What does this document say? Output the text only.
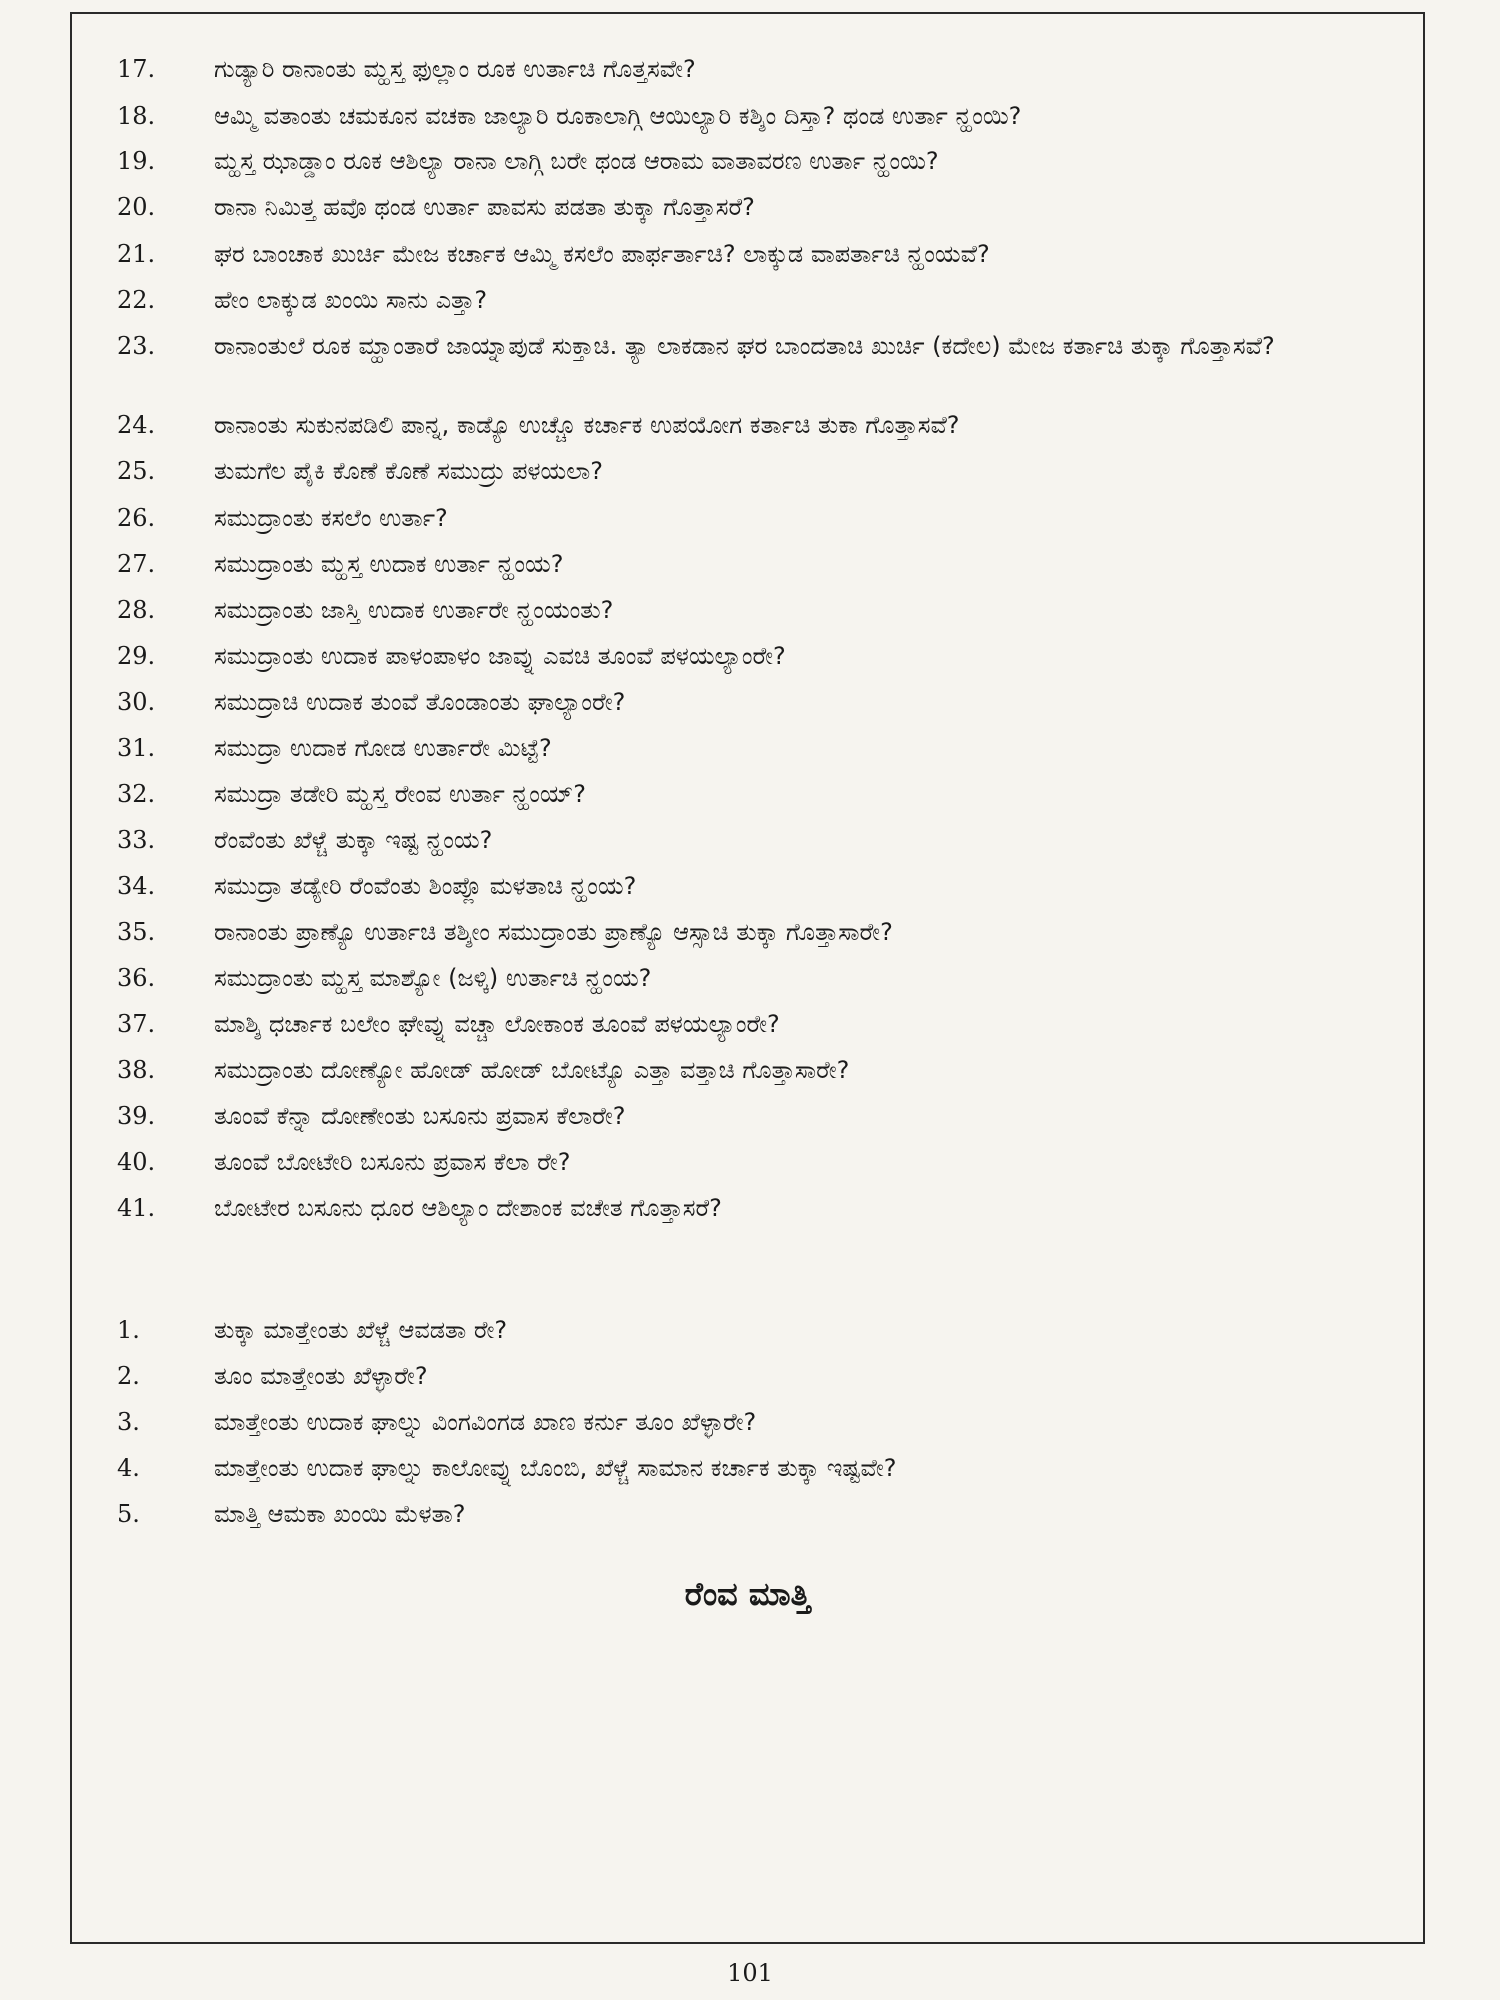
17.	ಗುಡ್ಯಾರಿ ರಾನಾಂತು ಮ್ಹಸ್ತ ಫುಲ್ಲಾಂ ರೂಕ ಉರ್ತಾಚಿ ಗೊತ್ತಸವೇ?
18.	ಆಮ್ಮಿ ವತಾಂತು ಚಮಕೂನ ವಚಕಾ ಜಾಲ್ಯಾರಿ ರೂಕಾಲಾಗ್ಗಿ ಆಯಿಲ್ಯಾರಿ ಕಶ್ಶಿಂ ದಿಸ್ತಾ? ಥಂಡ ಉರ್ತಾ ನ್ಹಂಯಿ?
19.	ಮ್ಹಸ್ತ ಝಾಡ್ಡಾಂ ರೂಕ ಆಶಿಲ್ಯಾ ರಾನಾ ಲಾಗ್ಗಿ ಬರೇ ಥಂಡ ಆರಾಮ ವಾತಾವರಣ ಉರ್ತಾ ನ್ಹಂಯಿ?
20.	ರಾನಾ ನಿಮಿತ್ತ ಹವೊ ಥಂಡ ಉರ್ತಾ ಪಾವಸು ಪಡತಾ ತುಕ್ಕಾ ಗೊತ್ತಾಸರೆ?
21.	ಘರ ಬಾಂಚಾಕ ಖುರ್ಚಿ ಮೇಜ ಕರ್ಚಾಕ ಆಮ್ಮಿ ಕಸಲೆಂ ಪಾರ್ಫರ್ತಾಚಿ? ಲಾಕ್ಕುಡ ವಾಪರ್ತಾಚಿ ನ್ಹಂಯವೆ?
22.	ಹೇಂ ಲಾಕ್ಕುಡ ಖಂಯಿ ಸಾನು ಎತ್ತಾ?
23.	ರಾನಾಂತುಲೆ ರೂಕ ಮ್ಹಾಂತಾರೆ ಜಾಯ್ನಾಪುಡೆ ಸುಕ್ತಾಚಿ. ತ್ಯಾ ಲಾಕಡಾನ ಘರ ಬಾಂದತಾಚಿ ಖುರ್ಚಿ (ಕದೇಲ) ಮೇಜ ಕರ್ತಾಚಿ ತುಕ್ಕಾ ಗೊತ್ತಾಸವೆ?
24.	ರಾನಾಂತು ಸುಕುನಪಡಿಲಿ ಪಾನ್ನ, ಕಾಡ್ಯೊ ಉಚ್ಚೊ ಕರ್ಚಾಕ ಉಪಯೋಗ ಕರ್ತಾಚಿ ತುಕಾ ಗೊತ್ತಾಸವೆ?
25.	ತುಮಗೆಲ ಪೈಕಿ ಕೊಣೆ ಕೊಣೆ ಸಮುದ್ರು ಪಳಯಲಾ?
26.	ಸಮುದ್ರಾಂತು ಕಸಲೆಂ ಉರ್ತಾ?
27.	ಸಮುದ್ರಾಂತು ಮ್ಹಸ್ತ ಉದಾಕ ಉರ್ತಾ ನ್ಹಂಯ?
28.	ಸಮುದ್ರಾಂತು ಜಾಸ್ತಿ ಉದಾಕ ಉರ್ತಾರೇ ನ್ಹಂಯಂತು?
29.	ಸಮುದ್ರಾಂತು ಉದಾಕ ಪಾಳಂಪಾಳಂ ಜಾವ್ನು ಎವಚಿ ತೂಂವೆ ಪಳಯಲ್ಯಾಂರೇ?
30.	ಸಮುದ್ರಾಚಿ ಉದಾಕ ತುಂವೆ ತೊಂಡಾಂತು ಘಾಲ್ಯಾಂರೇ?
31.	ಸಮುದ್ರಾ ಉದಾಕ ಗೋಡ ಉರ್ತಾರೇ ಮಿಟ್ಟೆ?
32.	ಸಮುದ್ರಾ ತಡೇರಿ ಮ್ಹಸ್ತ ರೇಂವ ಉರ್ತಾ ನ್ಹಂಯ್?
33.	ರೆಂವೆಂತು ಖೆಳ್ಚೆ ತುಕ್ಕಾ ಇಷ್ಟ ನ್ಹಂಯ?
34.	ಸಮುದ್ರಾ ತಡ್ಯೇರಿ ರೆಂವೆಂತು ಶಿಂಪ್ಲೊ ಮಳತಾಚಿ ನ್ಹಂಯ?
35.	ರಾನಾಂತು ಪ್ರಾಣ್ಯೊ ಉರ್ತಾಚಿ ತಶ್ಶೀಂ ಸಮುದ್ರಾಂತು ಪ್ರಾಣ್ಯೊ ಆಸ್ಸಾಚಿ ತುಕ್ಕಾ ಗೊತ್ತಾಸಾರೇ?
36.	ಸಮುದ್ರಾಂತು ಮ್ಹಸ್ತ ಮಾಶ್ಯೋ (ಜಳ್ಕಿ) ಉರ್ತಾಚಿ ನ್ಹಂಯ?
37.	ಮಾಶ್ಶಿ ಧರ್ಚಾಕ ಬಲೇಂ ಘೇವ್ನು ವಚ್ಚಾ ಲೋಕಾಂಕ ತೂಂವೆ ಪಳಯಲ್ಯಾಂರೇ?
38.	ಸಮುದ್ರಾಂತು ದೋಣ್ಯೋ ಹೋಡ್ ಹೋಡ್ ಬೋಟ್ಯೊ ಎತ್ತಾ ವತ್ತಾಚಿ ಗೊತ್ತಾಸಾರೇ?
39.	ತೂಂವೆ ಕೆನ್ನಾ ದೋಣೇಂತು ಬಸೂನು ಪ್ರವಾಸ ಕೆಲಾರೇ?
40.	ತೂಂವೆ ಬೋಟೇರಿ ಬಸೂನು ಪ್ರವಾಸ ಕೆಲಾ ರೇ?
41.	ಬೋಟೇರ ಬಸೂನು ಧೂರ ಆಶಿಲ್ಯಾಂ ದೇಶಾಂಕ ವಚೇತ ಗೊತ್ತಾಸರೆ?
ರೆಂವ ಮಾತ್ತಿ
1.	ತುಕ್ಕಾ ಮಾತ್ತೇಂತು ಖೆಳ್ಚೆ ಆವಡತಾ ರೇ?
2.	ತೂಂ ಮಾತ್ತೇಂತು ಖೆಳ್ಳಾರೇ?
3.	ಮಾತ್ತೇಂತು ಉದಾಕ ಘಾಲ್ನು ವಿಂಗವಿಂಗಡ ಖಾಣ ಕರ್ನು ತೂಂ ಖೆಳ್ಳಾರೇ?
4.	ಮಾತ್ತೇಂತು ಉದಾಕ ಘಾಲ್ನು ಕಾಲೋವ್ನು ಬೊಂಬಿ, ಖೆಳ್ಚೆ ಸಾಮಾನ ಕರ್ಚಾಕ ತುಕ್ಕಾ ಇಷ್ಟವೇ?
5.	ಮಾತ್ತಿ ಆಮಕಾ ಖಂಯಿ ಮೆಳತಾ?
101
